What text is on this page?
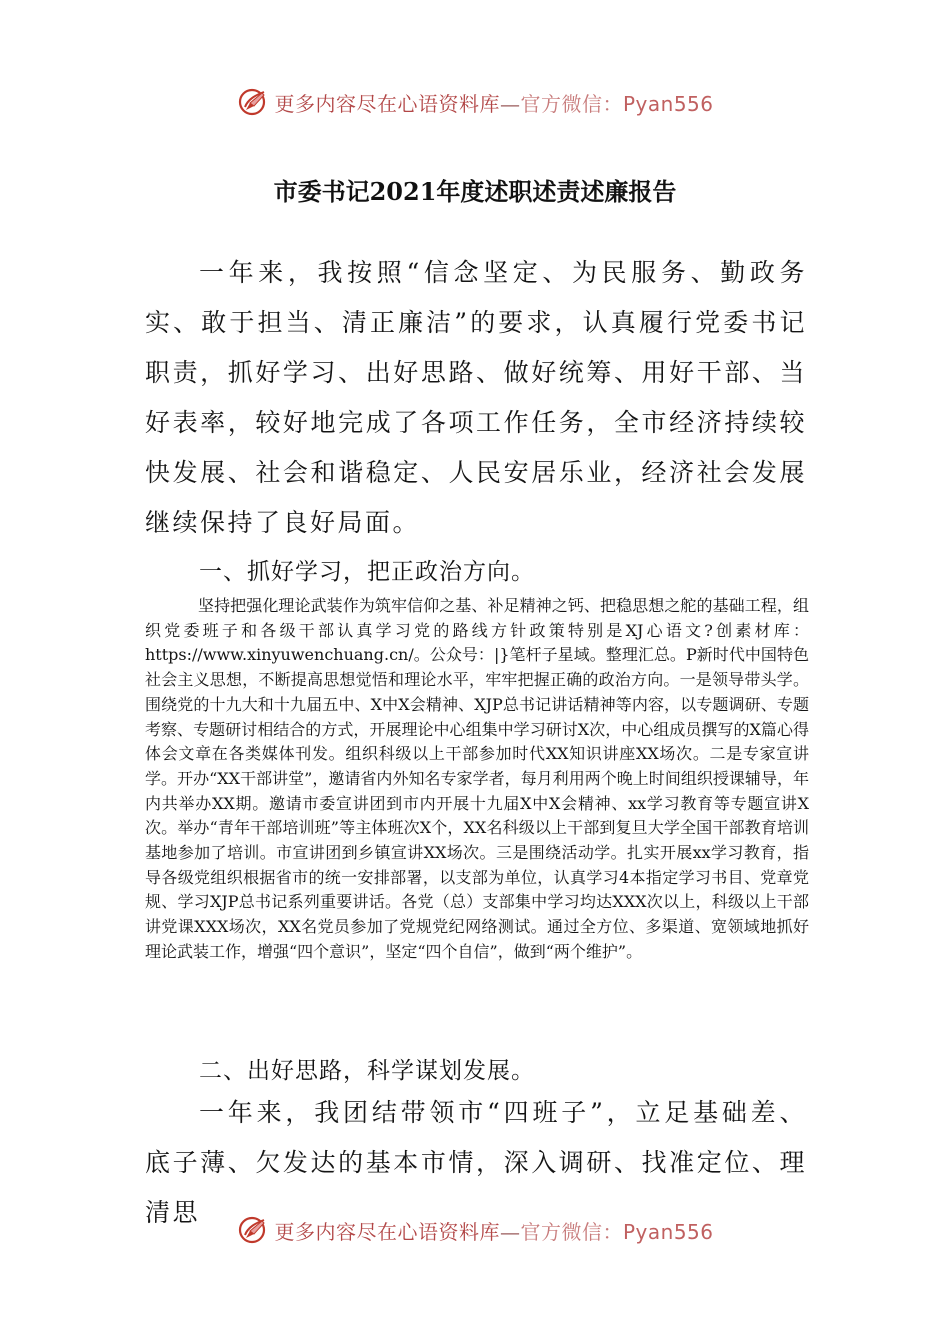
更多内容尽在心语资料库—官方微信：Pyan556
市委书记2021年度述职述责述廉报告

一年来，我按照“信念坚定、为民服务、勤政务实、敢于担当、清正廉洁”的要求，认真履行党委书记职责，抓好学习、出好思路、做好统筹、用好干部、当好表率，较好地完成了各项工作任务，全市经济持续较快发展、社会和谐稳定、人民安居乐业，经济社会发展继续保持了良好局面。

一、抓好学习，把正政治方向。

坚持把强化理论武装作为筑牢信仰之基、补足精神之钙、把稳思想之舵的基础工程，组织党委班子和各级干部认真学习党的路线方针政策特别是XJ心语文?创素材库：https://www.xinyuwenchuang.cn/。公众号：|}笔杆子星域。整理汇总。P新时代中国特色社会主义思想，不断提高思想觉悟和理论水平，牢牢把握正确的政治方向。一是领导带头学。围绕党的十九大和十九届五中、X中X会精神、XJP总书记讲话精神等内容，以专题调研、专题考察、专题研讨相结合的方式，开展理论中心组集中学习研讨X次，中心组成员撰写的X篇心得体会文章在各类媒体刊发。组织科级以上干部参加时代XX知识讲座XX场次。二是专家宣讲学。开办“XX干部讲堂”，邀请省内外知名专家学者，每月利用两个晚上时间组织授课辅导，年内共举办XX期。邀请市委宣讲团到市内开展十九届X中X会精神、xx学习教育等专题宣讲X次。举办“青年干部培训班”等主体班次X个，XX名科级以上干部到复旦大学全国干部教育培训基地参加了培训。市宣讲团到乡镇宣讲XX场次。三是围绕活动学。扎实开展xx学习教育，指导各级党组织根据省市的统一安排部署，以支部为单位，认真学习4本指定学习书目、党章党规、学习XJP总书记系列重要讲话。各党（总）支部集中学习均达XXX次以上，科级以上干部讲党课XXX场次，XX名党员参加了党规党纪网络测试。通过全方位、多渠道、宽领域地抓好理论武装工作，增强“四个意识”，坚定“四个自信”，做到“两个维护”。

二、出好思路，科学谋划发展。

一年来，我团结带领市“四班子”，立足基础差、底子薄、欠发达的基本市情，深入调研、找准定位、理清思

更多内容尽在心语资料库—官方微信：Pyan556
